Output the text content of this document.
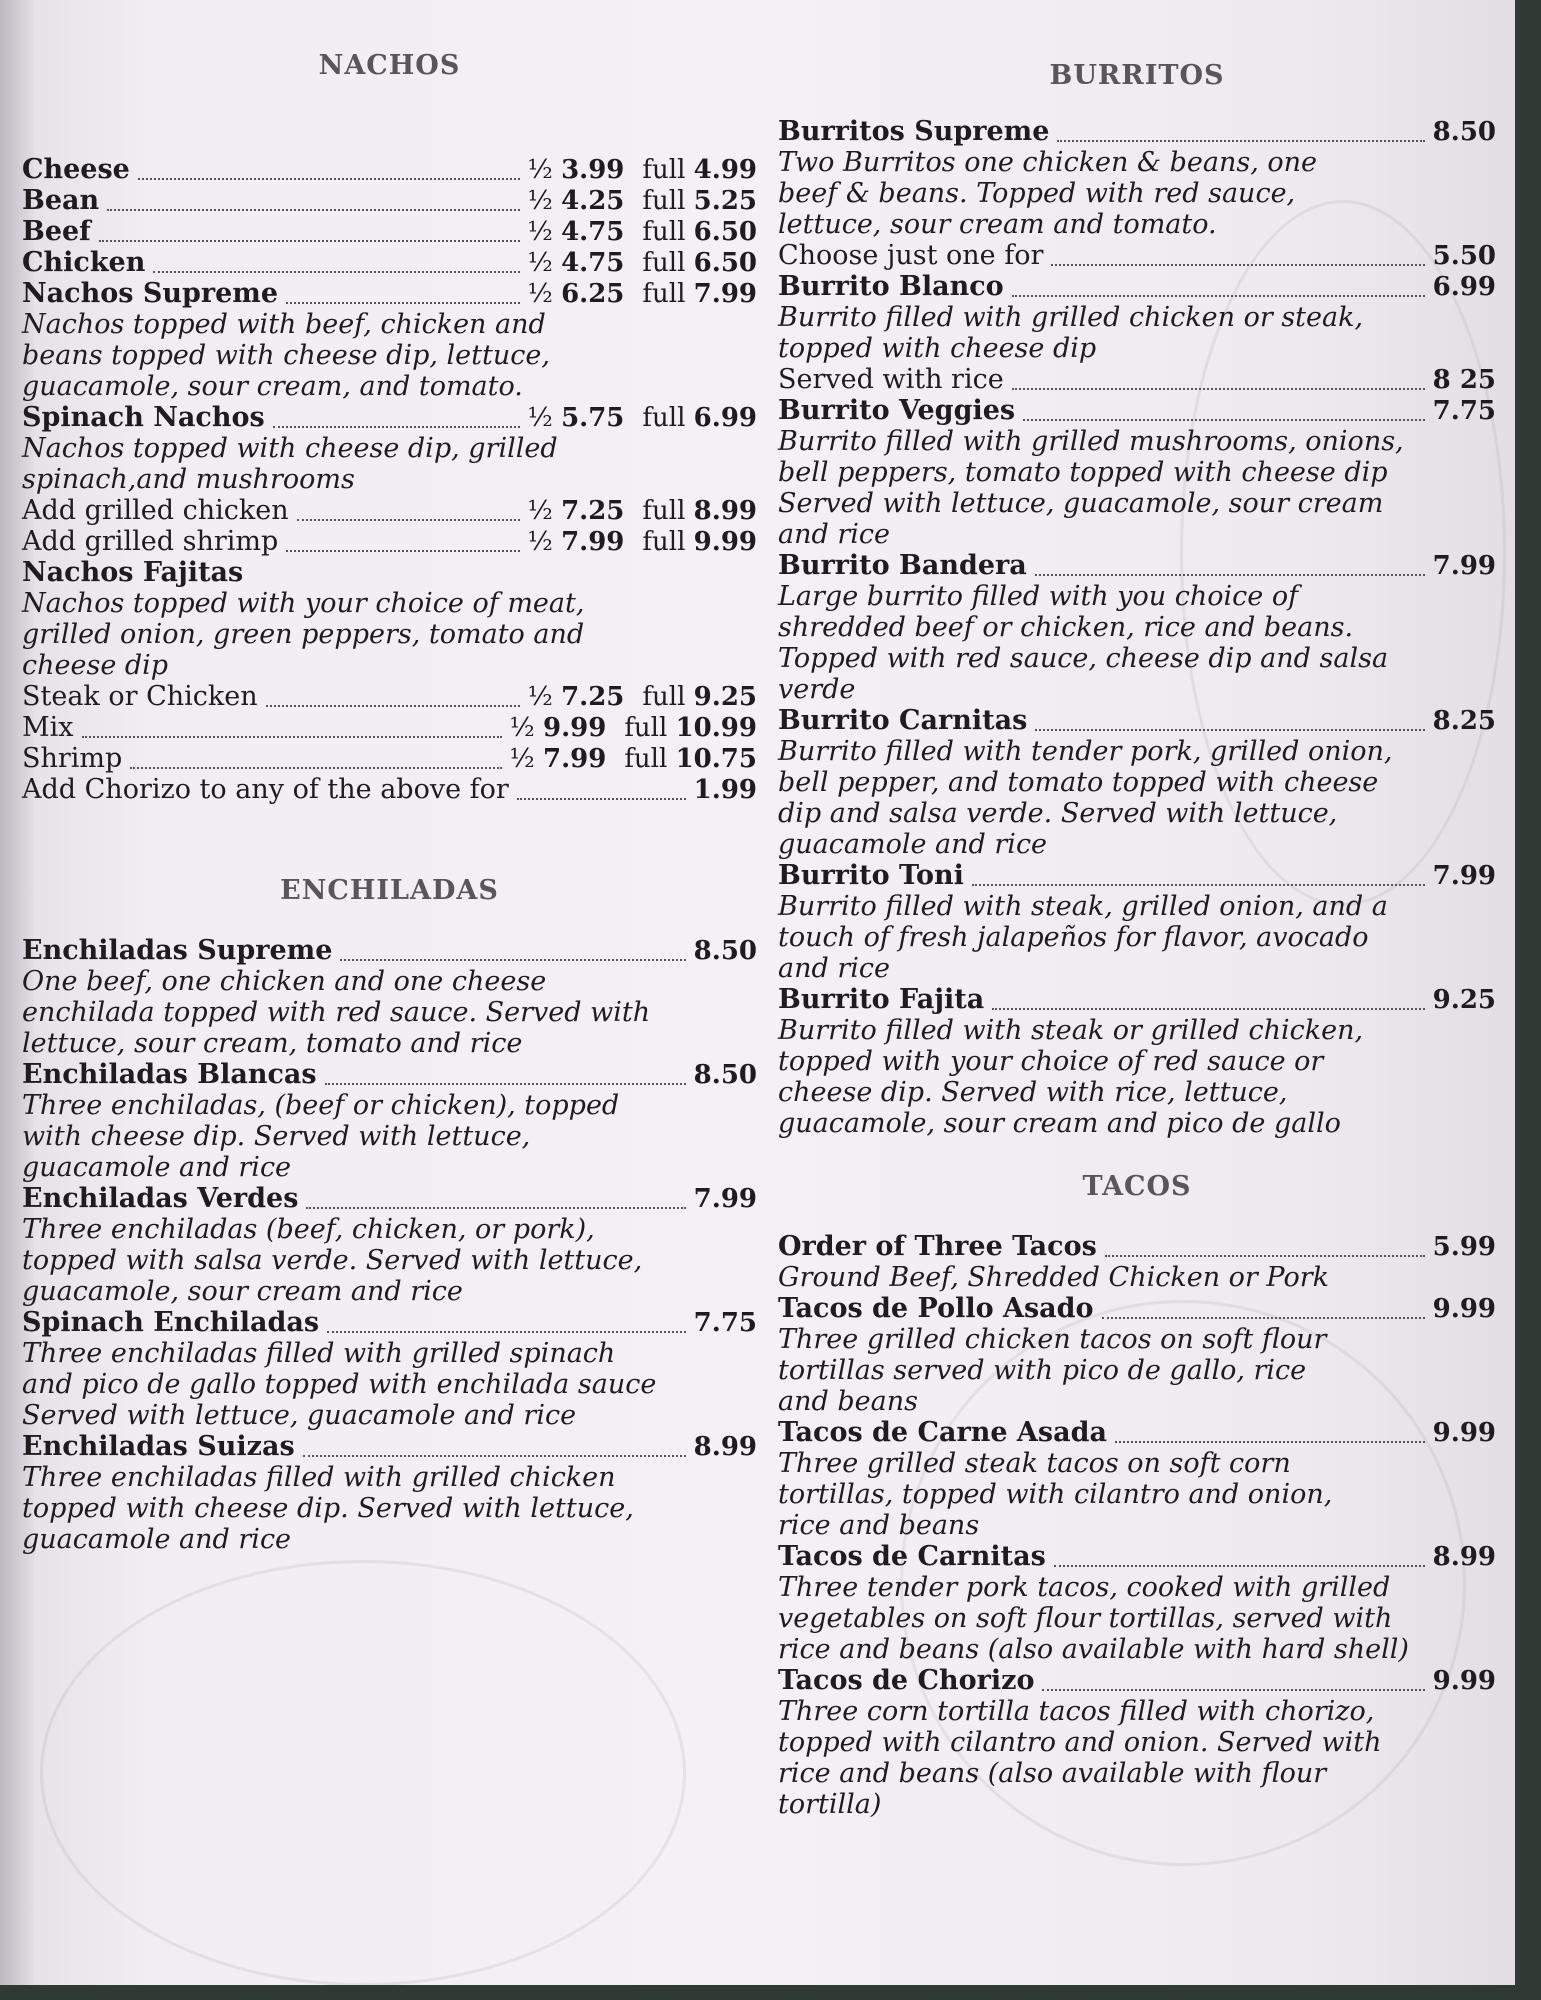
NACHOS
Cheese	½ 3.99 full 4.99
Bean	½ 4.25 full 5.25
Beef	½ 4.75 full 6.50
Chicken	½ 4.75 full 6.50
Nachos Supreme	½ 6.25 full 7.99
Nachos topped with beef, chicken and
beans topped with cheese dip, lettuce,
guacamole, sour cream, and tomato.
Spinach Nachos	½ 5.75 full 6.99
Nachos topped with cheese dip, grilled
spinach,and mushrooms
Add grilled chicken	½ 7.25 full 8.99
Add grilled shrimp	½ 7.99 full 9.99
Nachos Fajitas
Nachos topped with your choice of meat,
grilled onion, green peppers, tomato and
cheese dip
Steak or Chicken	½ 7.25 full 9.25
Mix	½ 9.99 full 10.99
Shrimp	½ 7.99 full 10.75
Add Chorizo to any of the above for	1.99
ENCHILADAS
Enchiladas Supreme	8.50
One beef, one chicken and one cheese
enchilada topped with red sauce. Served with
lettuce, sour cream, tomato and rice
Enchiladas Blancas	8.50
Three enchiladas, (beef or chicken), topped
with cheese dip. Served with lettuce,
guacamole and rice
Enchiladas Verdes	7.99
Three enchiladas (beef, chicken, or pork),
topped with salsa verde. Served with lettuce,
guacamole, sour cream and rice
Spinach Enchiladas	7.75
Three enchiladas filled with grilled spinach
and pico de gallo topped with enchilada sauce
Served with lettuce, guacamole and rice
Enchiladas Suizas	8.99
Three enchiladas filled with grilled chicken
topped with cheese dip. Served with lettuce,
guacamole and rice
BURRITOS
Burritos Supreme	8.50
Two Burritos one chicken & beans, one
beef & beans. Topped with red sauce,
lettuce, sour cream and tomato.
Choose just one for	5.50
Burrito Blanco	6.99
Burrito filled with grilled chicken or steak,
topped with cheese dip
Served with rice	8 25
Burrito Veggies	7.75
Burrito filled with grilled mushrooms, onions,
bell peppers, tomato topped with cheese dip
Served with lettuce, guacamole, sour cream
and rice
Burrito Bandera	7.99
Large burrito filled with you choice of
shredded beef or chicken, rice and beans.
Topped with red sauce, cheese dip and salsa
verde
Burrito Carnitas	8.25
Burrito filled with tender pork, grilled onion,
bell pepper, and tomato topped with cheese
dip and salsa verde. Served with lettuce,
guacamole and rice
Burrito Toni	7.99
Burrito filled with steak, grilled onion, and a
touch of fresh jalapeños for flavor, avocado
and rice
Burrito Fajita	9.25
Burrito filled with steak or grilled chicken,
topped with your choice of red sauce or
cheese dip. Served with rice, lettuce,
guacamole, sour cream and pico de gallo
TACOS
Order of Three Tacos	5.99
Ground Beef, Shredded Chicken or Pork
Tacos de Pollo Asado	9.99
Three grilled chicken tacos on soft flour
tortillas served with pico de gallo, rice
and beans
Tacos de Carne Asada	9.99
Three grilled steak tacos on soft corn
tortillas, topped with cilantro and onion,
rice and beans
Tacos de Carnitas	8.99
Three tender pork tacos, cooked with grilled
vegetables on soft flour tortillas, served with
rice and beans (also available with hard shell)
Tacos de Chorizo	9.99
Three corn tortilla tacos filled with chorizo,
topped with cilantro and onion. Served with
rice and beans (also available with flour
tortilla)
